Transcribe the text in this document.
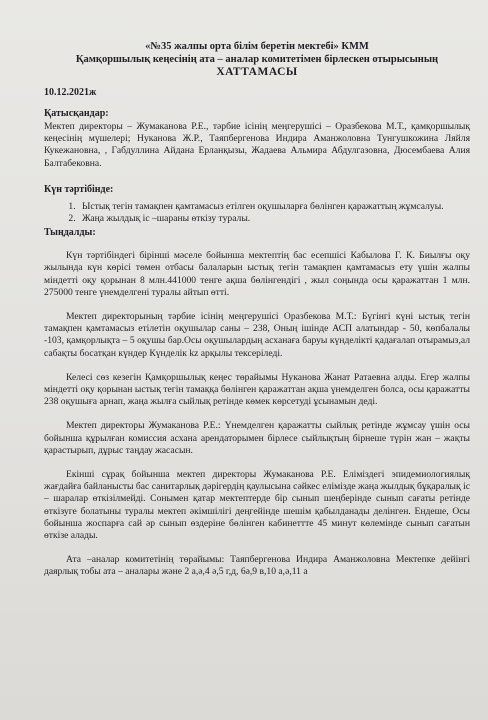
«№35 жалпы орта білім беретін мектебі» КММ
Қамқоршылық кеңесінің ата – аналар комитетімен бірлескен отырысының
ХАТТАМАСЫ
10.12.2021ж
Қатысқандар:
Мектеп директоры – Жумаканова Р.Е., тәрбие ісінің меңгерушісі – Оразбекова М.Т., қамқоршылық кеңесінің мүшелері; Нуканова Ж.Р., Таяпбергенова Индира Аманжоловна Тунгушкожина Ляйля Кукежановна, , Габдуллина Айдана Ерланқызы, Жадаева Альмира Абдулгазовна, Дюсембаева Алия Балтабековна.
Күн тәртібінде:
1. Ыстық тегін тамақпен қамтамасыз етілген оқушыларға бөлінген қаражаттың жұмсалуы.
2. Жаңа жылдық іс –шараны өткізу туралы.
Тыңдалды:
Күн тәртібіндегі бірінші мәселе бойынша мектептің бас есепшісі Кабылова Г. К. Биылғы оқу жылында күн көрісі төмен отбасы балаларын ыстық тегін тамақпен қамтамасыз ету үшін жалпы міндетті оқу қорынан 8 млн.441000 тенге ақша бөлінгендігі , жыл соңында осы қаражаттан 1 млн. 275000 тенге үнемделгені туралы айтып өтті.
Мектеп директорының тәрбие ісінің меңгерушісі Оразбекова М.Т.: Бүгінгі күні ыстық тегін тамақпен қамтамасыз етілетін оқушылар саны – 238, Оның ішінде АСП алатындар - 50, көпбалалы -103, қамқорлықта – 5 оқушы бар.Осы оқушылардың асханаға баруы күнделікті қадағалап отырамыз,ал сабақты босатқан күндер Күнделік kz арқылы тексеріледі.
Келесі сөз кезегін Қамқоршылық кеңес төрайымы Нуканова Жанат Ратаевна алды. Егер жалпы міндетті оқу қорынан ыстық тегін тамаққа бөлінген қаражаттан ақша үнемделген болса, осы қаражатты 238 оқушыға арнап, жаңа жылға сыйлық ретінде көмек көрсетуді ұсынамын деді.
Мектеп директоры Жумаканова Р.Е.: Үнемделген қаражатты сыйлық ретінде жұмсау үшін осы бойынша құрылған комиссия асхана арендаторымен бірлесе сыйлықтың бірнеше түрін жан – жақты қарастырып, дұрыс таңдау жасасын.
Екінші сұрақ бойынша мектеп директоры Жумаканова Р.Е. Еліміздегі эпидемиологиялық жағдайға байланысты бас санитарлық дәрігердің қаулысына сәйкес елімізде жаңа жылдық бұқаралық іс – шаралар өткізілмейді. Сонымен қатар мектептерде бір сынып шеңберінде сынып сағаты ретінде өткізуге болатыны туралы мектеп әкімшілігі деңгейінде шешім қабылданады делінген. Ендеше, Осы бойынша жоспарға сай әр сынып өздеріне бөлінген кабинеттте 45 минут көлемінде сынып сағатын өткізе алады.
Ата –аналар комитетінің төрайымы: Таяпбергенова Индира Аманжоловна Мектепке дейінгі даярлық тобы ата – аналары және 2 а,ә,4 ә,5 г,д, 6ә,9 в,10 а,ә,11 а
